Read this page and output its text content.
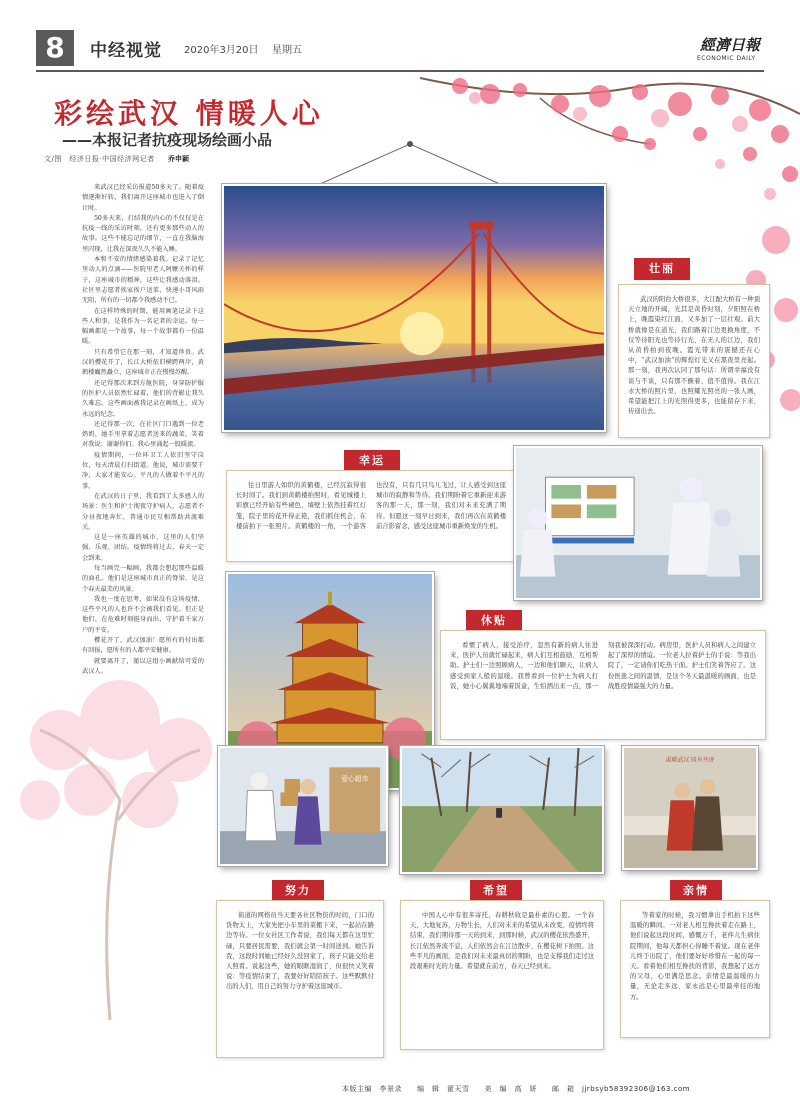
8	中经视觉 2020年3月20日 星期五	經濟日報
ECONOMIC DAILY
彩绘武汉 情暖人心
——本报记者抗疫现场绘画小品
文/图　经济日报·中国经济网记者 乔申颖

来武汉已经采访报道50多天了。随着疫情逐渐好转，我们离开这座城市也进入了倒计时。

50多天来，打结我的内心的不仅仅是在抗疫一线的采访时刻，还有更多那些动人的故事。这些不能忘记的细节，一直在我脑海里闪现，让我在深夜久久不能入睡。

本和不安的情绪感染着我。记录了记忆里动人的点滴——医院里老人阿嬷关怀的样子，这座城市的精神，这些让我感动落泪。社区里志愿者挨家挨户送菜，快递小哥风雨无阻，所有的一切都令我感动不已。

在这样特殊的时期，能用画笔记录下这些人和事，是我作为一名记者的幸运。每一幅画都是一个故事，每一个故事都有一份温暖。

只有希望它在那一刻，才知道珍贵。武汉的樱花开了，长江大桥依旧横跨两岸，黄鹤楼巍然矗立，这座城市正在慢慢苏醒。

还记得那次来到方舱医院，身穿防护服的医护人员依然忙碌着，他们的背影让我久久难忘。这些画面被我记录在画纸上，成为永远的纪念。

还记得那一次，在社区门口遇到一位老奶奶，她手里拿着志愿者送来的蔬菜，笑着对我说：谢谢你们。我心里涌起一股暖流。

疫情期间，一位环卫工人依旧坚守岗位，每天清晨打扫街道。他说，城市需要干净，大家才能安心。平凡的人做着不平凡的事。

在武汉的日子里，我看到了太多感人的场景：医生和护士彻夜守护病人，志愿者不分昼夜地奔忙，普通市民互相帮助共渡难关。

这是一座英雄的城市，这里的人们坚强、乐观、团结。疫情终将过去，春天一定会到来。

每当画完一幅画，我都会想起那些温暖的面孔。他们是这座城市真正的脊梁，是这个春天最美的风景。

我也一度在思考，如果没有这场疫情，这些平凡的人也许不会被我们看见。但正是他们，在危难时刻挺身而出，守护着千家万户的平安。

樱花开了，武汉加油！愿所有的付出都有回报，愿所有的人都平安健康。

就要离开了，谨以这组小画献给可爱的武汉人。

壮丽

武汉的阳台大桥很多，大江配大桥有一种顶天立地的开阔，光其是黄昏时刻，夕阳照在桥上，晚霞染红江面，又多加了一层壮观。前大桥就像是在道光，我们路着江边更换角度，不仅等待阳光也等待行光，在无人的江边，我们从黄昏拍到夜晚。霞光带来的震撼还在心中，“武汉加油”的辉煌灯光又在黑夜里亮起。那一刻，我再次认同了那句话：所谓幸福没有谈与不谈，只有那不颤着、值不值得。我在江水大桥的照片里，也照耀光照亮的一张人画，希望能把江上的光照得更多，也能留存下来，传递出去。

幸运

往日里游人如织的黄鹤楼，已经沉寂得很长时间了。我们到黄鹤楼拍照时，看见城楼上彩旗已经开始有些褪色，墙壁上依然挂着红灯笼，院子里的花开得正艳，我们抓住机会，在楼前拍下一张照片。黄鹤楼的一角，一个游客也没有，只有几只鸟儿飞过，让人感受到这座城市的寂静和等待。我们期盼着它重新迎来游客的那一天，那一刻，我们对未来充满了期待。但愿这一刻早日到来，我们再次在黄鹤楼前合影留念，感受这座城市重新焕发的生机。

休贴

看惯了病人，接受治疗，忽然有新的病人住进来，医护人员就忙碌起来，病人们互相鼓励、互相帮助。护士们一边照顾病人，一边和他们聊天，让病人感受到家人般的温暖。我曾看到一位护士为病人打饭，她小心翼翼地端着饭盒，生怕洒出来一点，那一刻我被深深打动。病房里，医护人员和病人之间建立起了深厚的情谊。一位老人拉着护士的手说：等我出院了，一定请你们吃热干面。护士们笑着答应了。这份医患之间的温情，是这个冬天最温暖的画面，也是战胜疫情最强大的力量。

爱心超市
温暖武汉 同舟共济
努力

街道的网格员当天要各社区物资的时间，门口的货物太上，大家先把小车里的菜搬下来，一起站在路边等待。一位女社区工作者说，我们每天都在这里忙碌，只要居民需要，我们就会第一时间送到。她告诉我，这段时间她已经好久没回家了，孩子只能交给老人照看。说起这些，她的眼眶湿润了，但很快又笑着说：等疫情结束了，我要好好陪陪孩子。这些默默付出的人们，用自己的努力守护着这座城市。

希望

中国人心中有很多寄托，春耕秋收是最朴素的心愿。一个春天，大地复苏，万物生长，人们对未来的希望从未改变。疫情终将结束，我们期待那一天的到来，到那时候，武汉的樱花依然盛开，长江依然奔流不息，人们依然会在江边散步、在樱花树下拍照。这些平凡的画面，是我们对未来最真切的期盼，也是支撑我们走过这段艰难时光的力量。希望就在前方，春天已经到来。

亲情

等着家的时候，我习惯拿出手机拍下这些温暖的瞬间。一对老人相互搀扶着走在路上，他们说起这段时间，感慨万千，老伴儿生病住院期间，他每天都担心得睡不着觉。现在老伴儿终于出院了，他们要好好珍惜在一起的每一天。看着他们相互搀扶的背影，我想起了远方的父母，心里满是思念。亲情是最温暖的力量，无论走多远，家永远是心里最牵挂的地方。

本版主编　李景录　　编　辑　翟天雪　　美　编　高　妍　　邮　箱　jjrbsyb58392306@163.com
